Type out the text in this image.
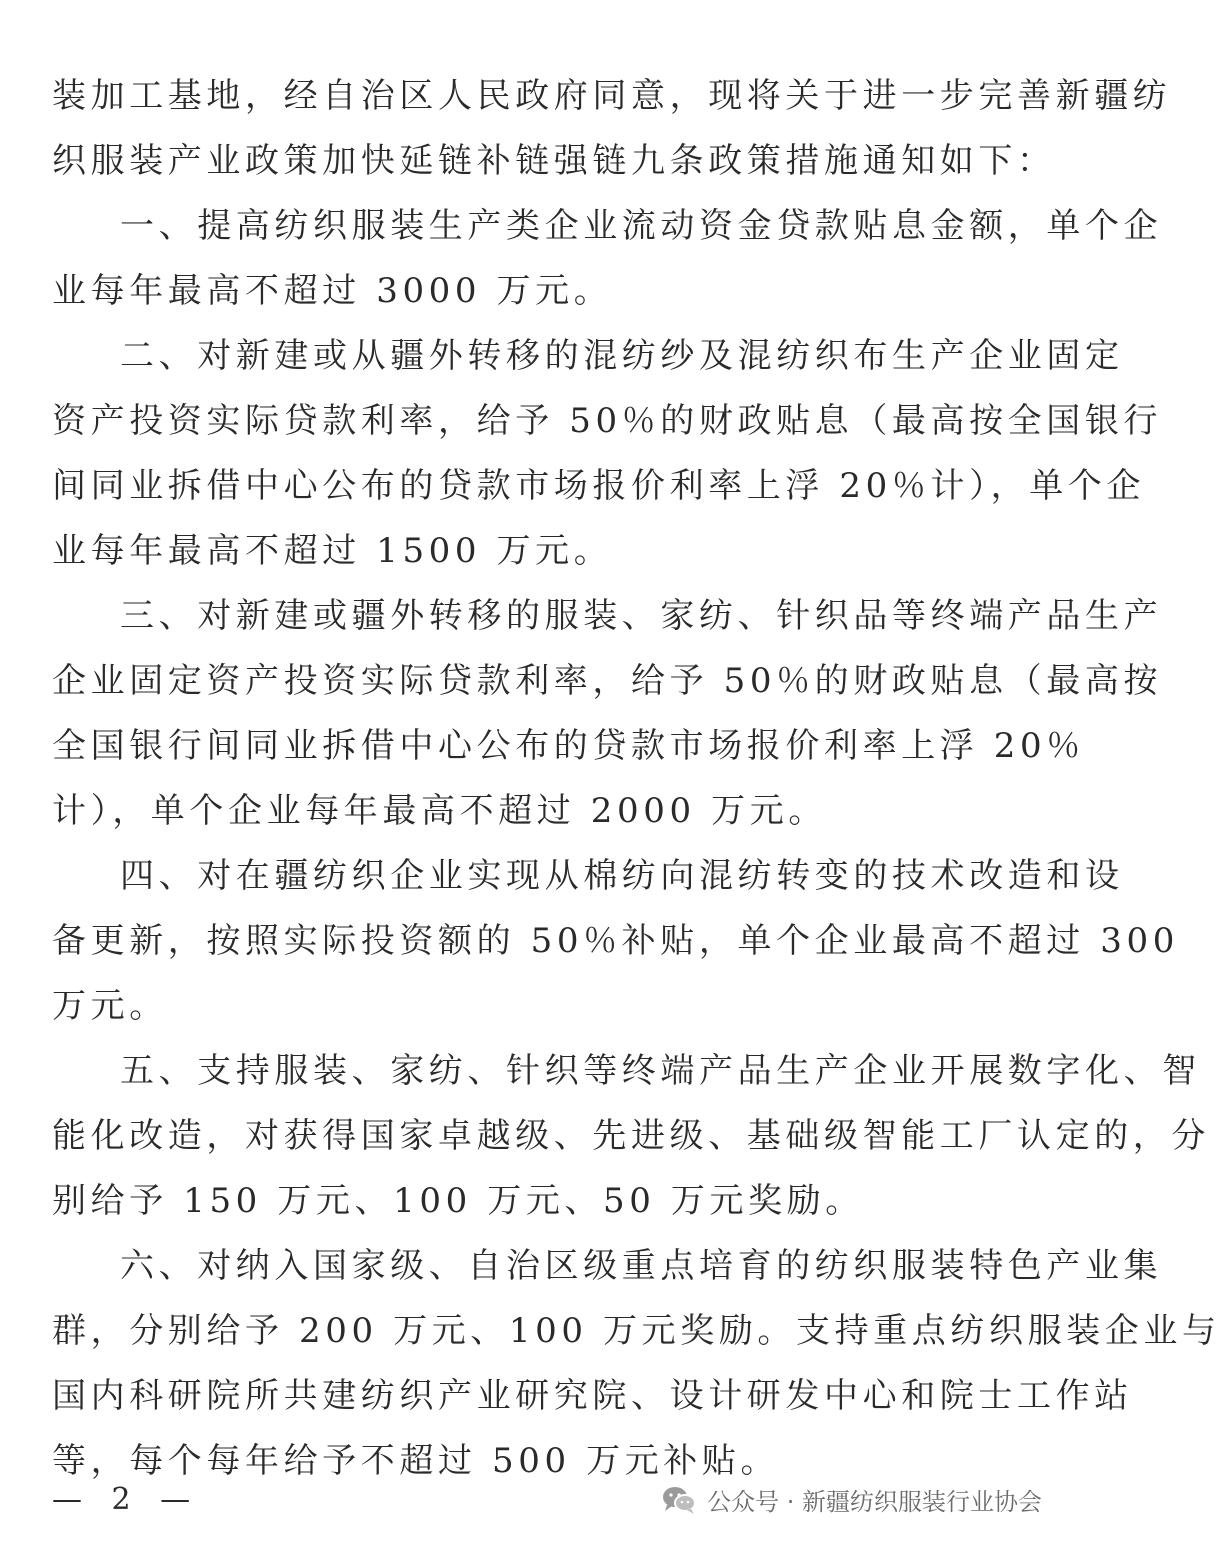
装加工基地，经自治区人民政府同意，现将关于进一步完善新疆纺
织服装产业政策加快延链补链强链九条政策措施通知如下：
一、提高纺织服装生产类企业流动资金贷款贴息金额，单个企
业每年最高不超过 3000 万元。
二、对新建或从疆外转移的混纺纱及混纺织布生产企业固定
资产投资实际贷款利率，给予 50％的财政贴息（最高按全国银行
间同业拆借中心公布的贷款市场报价利率上浮 20％计），单个企
业每年最高不超过 1500 万元。
三、对新建或疆外转移的服装、家纺、针织品等终端产品生产
企业固定资产投资实际贷款利率，给予 50％的财政贴息（最高按
全国银行间同业拆借中心公布的贷款市场报价利率上浮 20％
计），单个企业每年最高不超过 2000 万元。
四、对在疆纺织企业实现从棉纺向混纺转变的技术改造和设
备更新，按照实际投资额的 50％补贴，单个企业最高不超过 300
万元。
五、支持服装、家纺、针织等终端产品生产企业开展数字化、智
能化改造，对获得国家卓越级、先进级、基础级智能工厂认定的，分
别给予 150 万元、100 万元、50 万元奖励。
六、对纳入国家级、自治区级重点培育的纺织服装特色产业集
群，分别给予 200 万元、100 万元奖励。支持重点纺织服装企业与
国内科研院所共建纺织产业研究院、设计研发中心和院士工作站
等，每个每年给予不超过 500 万元补贴。
— 2 —	公众号 · 新疆纺织服装行业协会
